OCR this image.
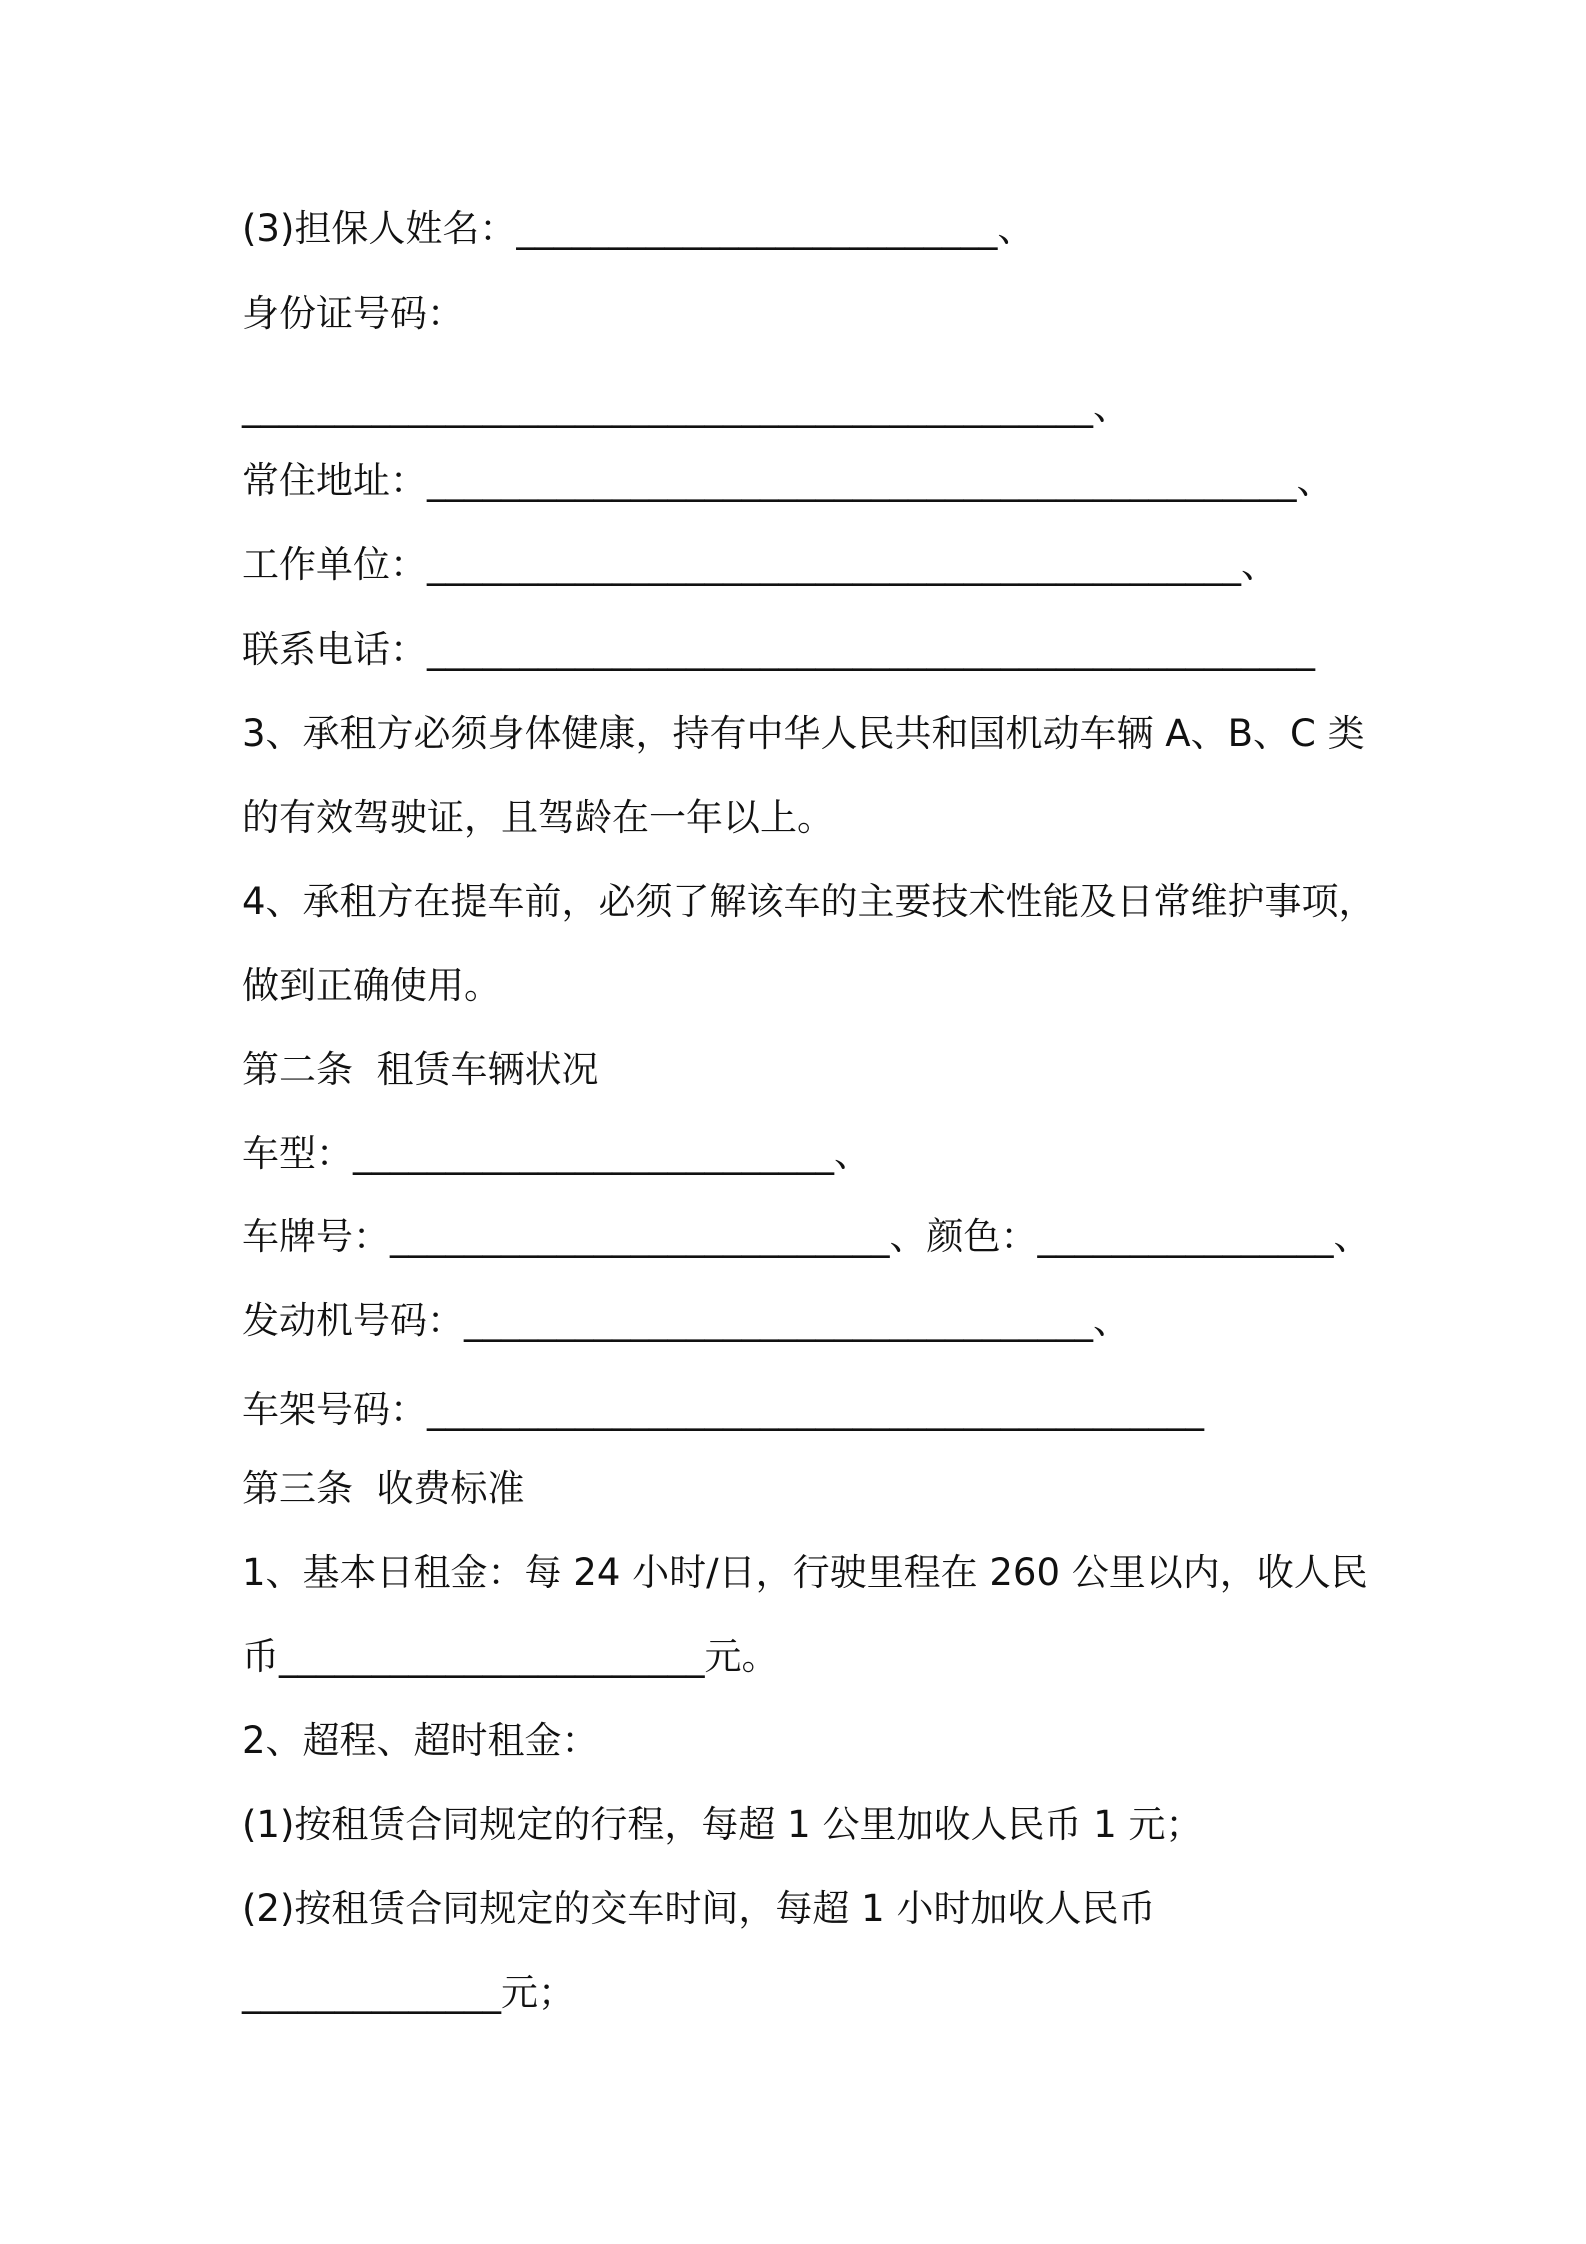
(3)担保人姓名：__________________________、
身份证号码：
______________________________________________、
常住地址：_______________________________________________、
工作单位：____________________________________________、
联系电话：________________________________________________
3、承租方必须身体健康，持有中华人民共和国机动车辆 A、B、C 类
的有效驾驶证，且驾龄在一年以上。
4、承租方在提车前，必须了解该车的主要技术性能及日常维护事项，
做到正确使用。
第二条  租赁车辆状况
车型：__________________________、
车牌号：___________________________、颜色：________________、
发动机号码：__________________________________、
车架号码：__________________________________________
第三条  收费标准
1、基本日租金：每 24 小时/日，行驶里程在 260 公里以内，收人民
币_______________________元。
2、超程、超时租金：
(1)按租赁合同规定的行程，每超 1 公里加收人民币 1 元；
(2)按租赁合同规定的交车时间，每超 1 小时加收人民币
______________元；
